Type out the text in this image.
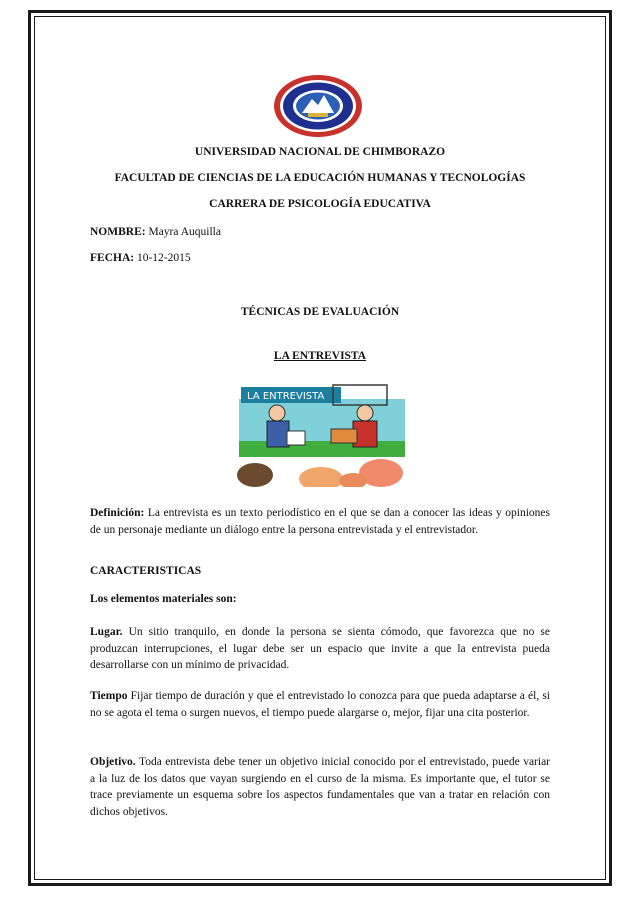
UNIVERSIDAD NACIONAL DE CHIMBORAZO
FACULTAD DE CIENCIAS DE LA EDUCACIÓN HUMANAS Y TECNOLOGÍAS
CARRERA DE PSICOLOGÍA EDUCATIVA
NOMBRE: Mayra Auquilla
FECHA: 10-12-2015
TÉCNICAS DE EVALUACIÓN
LA ENTREVISTA
LA ENTREVISTA
Definición: La entrevista es un texto periodístico en el que se dan a conocer las ideas y opiniones de un personaje mediante un diálogo entre la persona entrevistada y el entrevistador.
CARACTERISTICAS
Los elementos materiales son:
Lugar. Un sitio tranquilo, en donde la persona se sienta cómodo, que favorezca que no se produzcan interrupciones, el lugar debe ser un espacio que invite a que la entrevista pueda desarrollarse con un mínimo de privacidad.
Tiempo Fijar tiempo de duración y que el entrevistado lo conozca para que pueda adaptarse a él, si no se agota el tema o surgen nuevos, el tiempo puede alargarse o, mejor, fijar una cita posterior.
Objetivo. Toda entrevista debe tener un objetivo inicial conocido por el entrevistado, puede variar a la luz de los datos que vayan surgiendo en el curso de la misma. Es importante que, el tutor se trace previamente un esquema sobre los aspectos fundamentales que van a tratar en relación con dichos objetivos.
